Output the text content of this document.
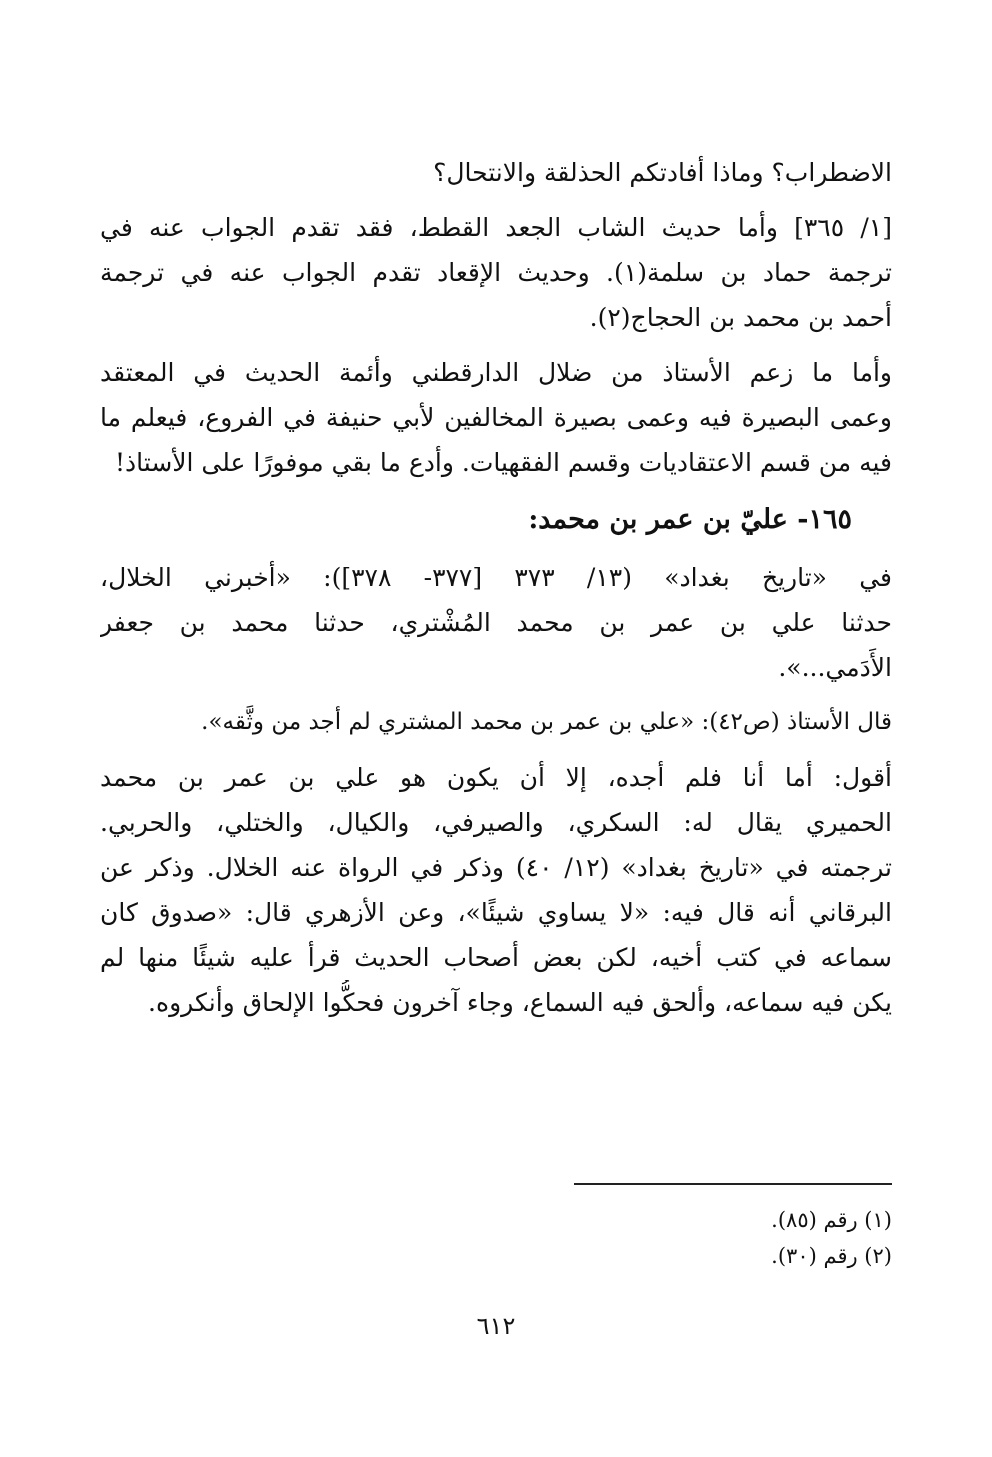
الاضطراب؟ وماذا أفادتكم الحذلقة والانتحال؟
[١/ ٣٦٥] وأما حديث الشاب الجعد القطط، فقد تقدم الجواب عنه في
ترجمة حماد بن سلمة(١). وحديث الإقعاد تقدم الجواب عنه في ترجمة
أحمد بن محمد بن الحجاج(٢).
وأما ما زعم الأستاذ من ضلال الدارقطني وأئمة الحديث في المعتقد
وعمى البصيرة فيه وعمى بصيرة المخالفين لأبي حنيفة في الفروع، فيعلم ما
فيه من قسم الاعتقاديات وقسم الفقهيات. وأدع ما بقي موفورًا على الأستاذ!
١٦٥- عليّ بن عمر بن محمد:
في «تاريخ بغداد» (١٣/ ٣٧٣ [٣٧٧- ٣٧٨]): «أخبرني الخلال،
حدثنا علي بن عمر بن محمد المُشْتري، حدثنا محمد بن جعفر
الأَدَمي...».
قال الأستاذ (ص٤٢): «علي بن عمر بن محمد المشتري لم أجد من وثَّقه».
أقول: أما أنا فلم أجده، إلا أن يكون هو علي بن عمر بن محمد
الحميري يقال له: السكري، والصيرفي، والكيال، والختلي، والحربي.
ترجمته في «تاريخ بغداد» (١٢/ ٤٠) وذكر في الرواة عنه الخلال. وذكر عن
البرقاني أنه قال فيه: «لا يساوي شيئًا»، وعن الأزهري قال: «صدوق كان
سماعه في كتب أخيه، لكن بعض أصحاب الحديث قرأ عليه شيئًا منها لم
يكن فيه سماعه، وألحق فيه السماع، وجاء آخرون فحكُّوا الإلحاق وأنكروه.
(١) رقم (٨٥).
(٢) رقم (٣٠).
٦١٢
